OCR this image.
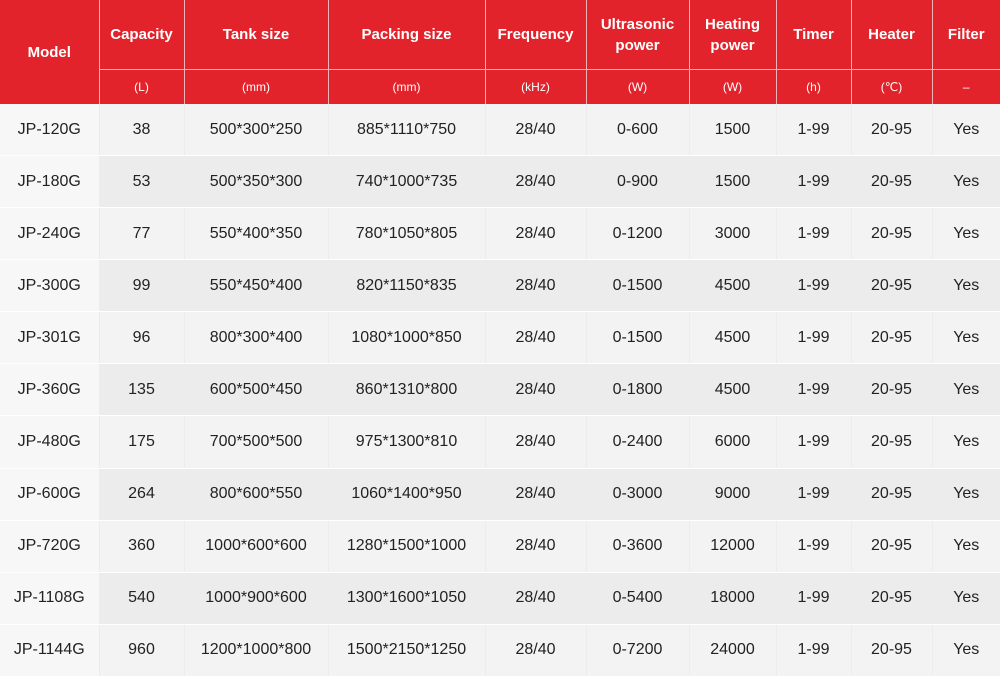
Model	Capacity	Tank size	Packing size	Frequency	Ultrasonic power	Heating power	Timer	Heater	Filter
	(L)	(mm)	(mm)	(kHz)	(W)	(W)	(h)	(℃)	–
JP-120G	38	500*300*250	885*1110*750	28/40	0-600	1500	1-99	20-95	Yes
JP-180G	53	500*350*300	740*1000*735	28/40	0-900	1500	1-99	20-95	Yes
JP-240G	77	550*400*350	780*1050*805	28/40	0-1200	3000	1-99	20-95	Yes
JP-300G	99	550*450*400	820*1150*835	28/40	0-1500	4500	1-99	20-95	Yes
JP-301G	96	800*300*400	1080*1000*850	28/40	0-1500	4500	1-99	20-95	Yes
JP-360G	135	600*500*450	860*1310*800	28/40	0-1800	4500	1-99	20-95	Yes
JP-480G	175	700*500*500	975*1300*810	28/40	0-2400	6000	1-99	20-95	Yes
JP-600G	264	800*600*550	1060*1400*950	28/40	0-3000	9000	1-99	20-95	Yes
JP-720G	360	1000*600*600	1280*1500*1000	28/40	0-3600	12000	1-99	20-95	Yes
JP-1108G	540	1000*900*600	1300*1600*1050	28/40	0-5400	18000	1-99	20-95	Yes
JP-1144G	960	1200*1000*800	1500*2150*1250	28/40	0-7200	24000	1-99	20-95	Yes
